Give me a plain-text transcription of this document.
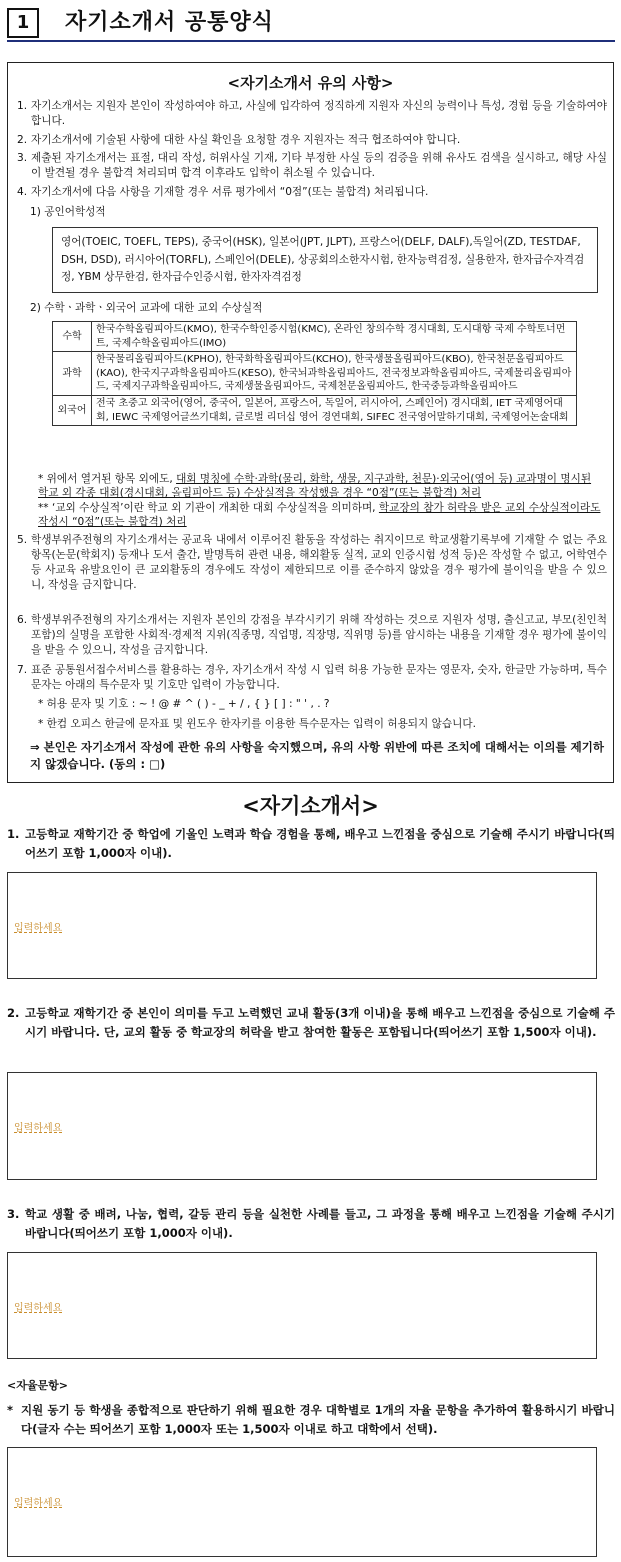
1	자기소개서 공통양식
<자기소개서 유의 사항>
1. 자기소개서는 지원자 본인이 작성하여야 하고, 사실에 입각하여 정직하게 지원자 자신의 능력이나 특성, 경험 등을 기술하여야 합니다.
2. 자기소개서에 기술된 사항에 대한 사실 확인을 요청할 경우 지원자는 적극 협조하여야 합니다.
3. 제출된 자기소개서는 표절, 대리 작성, 허위사실 기재, 기타 부정한 사실 등의 검증을 위해 유사도 검색을 실시하고, 해당 사실이 발견될 경우 불합격 처리되며 합격 이후라도 입학이 취소될 수 있습니다.
4. 자기소개서에 다음 사항을 기재할 경우 서류 평가에서 “0점”(또는 불합격) 처리됩니다.
1) 공인어학성적
영어(TOEIC, TOEFL, TEPS), 중국어(HSK), 일본어(JPT, JLPT), 프랑스어(DELF, DALF),독일어(ZD, TESTDAF, DSH, DSD), 러시아어(TORFL), 스페인어(DELE), 상공회의소한자시험, 한자능력검정, 실용한자, 한자급수자격검정, YBM 상무한검, 한자급수인증시험, 한자자격검정
2) 수학ㆍ과학ㆍ외국어 교과에 대한 교외 수상실적
수학	한국수학올림피아드(KMO), 한국수학인증시험(KMC), 온라인 창의수학 경시대회, 도시대항 국제 수학토너먼트, 국제수학올림피아드(IMO)
과학	한국물리올림피아드(KPHO), 한국화학올림피아드(KCHO), 한국생물올림피아드(KBO), 한국천문올림피아드(KAO), 한국지구과학올림피아드(KESO), 한국뇌과학올림피아드, 전국정보과학올림피아드, 국제물리올림피아드, 국제지구과학올림피아드, 국제생물올림피아드, 국제천문올림피아드, 한국중등과학올림피아드
외국어	전국 초중고 외국어(영어, 중국어, 일본어, 프랑스어, 독일어, 러시아어, 스페인어) 경시대회, IET 국제영어대회, IEWC 국제영어글쓰기대회, 글로벌 리더십 영어 경연대회, SIFEC 전국영어말하기대회, 국제영어논술대회
* 위에서 열거된 항목 외에도, 대회 명칭에 수학·과학(물리, 화학, 생물, 지구과학, 천문)·외국어(영어 등) 교과명이 명시된 학교 외 각종 대회(경시대회, 올림피아드 등) 수상실적을 작성했을 경우 “0점”(또는 불합격) 처리
** ‘교외 수상실적’이란 학교 외 기관이 개최한 대회 수상실적을 의미하며, 학교장의 참가 허락을 받은 교외 수상실적이라도 작성시 “0점”(또는 불합격) 처리
5. 학생부위주전형의 자기소개서는 공교육 내에서 이루어진 활동을 작성하는 취지이므로 학교생활기록부에 기재할 수 없는 주요 항목(논문(학회지) 등재나 도서 출간, 발명특허 관련 내용, 해외활동 실적, 교외 인증시험 성적 등)은 작성할 수 없고, 어학연수 등 사교육 유발요인이 큰 교외활동의 경우에도 작성이 제한되므로 이를 준수하지 않았을 경우 평가에 불이익을 받을 수 있으니, 작성을 금지합니다.
6. 학생부위주전형의 자기소개서는 지원자 본인의 강점을 부각시키기 위해 작성하는 것으로 지원자 성명, 출신고교, 부모(친인척포함)의 실명을 포함한 사회적·경제적 지위(직종명, 직업명, 직장명, 직위명 등)를 암시하는 내용을 기재할 경우 평가에 불이익을 받을 수 있으니, 작성을 금지합니다.
7. 표준 공통원서접수서비스를 활용하는 경우, 자기소개서 작성 시 입력 허용 가능한 문자는 영문자, 숫자, 한글만 가능하며, 특수문자는 아래의 특수문자 및 기호만 입력이 가능합니다.
* 허용 문자 및 기호 : ~ ! @ # ^ ( ) - _ + / , { } [ ] : " ' , . ?
* 한컴 오피스 한글에 문자표 및 윈도우 한자키를 이용한 특수문자는 입력이 허용되지 않습니다.
⇒ 본인은 자기소개서 작성에 관한 유의 사항을 숙지했으며, 유의 사항 위반에 따른 조치에 대해서는 이의를 제기하지 않겠습니다. (동의 : □)
<자기소개서>
1. 고등학교 재학기간 중 학업에 기울인 노력과 학습 경험을 통해, 배우고 느낀점을 중심으로 기술해 주시기 바랍니다(띄어쓰기 포함 1,000자 이내).
입력하세요
2. 고등학교 재학기간 중 본인이 의미를 두고 노력했던 교내 활동(3개 이내)을 통해 배우고 느낀점을 중심으로 기술해 주시기 바랍니다. 단, 교외 활동 중 학교장의 허락을 받고 참여한 활동은 포함됩니다(띄어쓰기 포함 1,500자 이내).
입력하세요
3. 학교 생활 중 배려, 나눔, 협력, 갈등 관리 등을 실천한 사례를 들고, 그 과정을 통해 배우고 느낀점을 기술해 주시기 바랍니다(띄어쓰기 포함 1,000자 이내).
입력하세요
<자율문항>
* 지원 동기 등 학생을 종합적으로 판단하기 위해 필요한 경우 대학별로 1개의 자율 문항을 추가하여 활용하시기 바랍니다(글자 수는 띄어쓰기 포함 1,000자 또는 1,500자 이내로 하고 대학에서 선택).
입력하세요
